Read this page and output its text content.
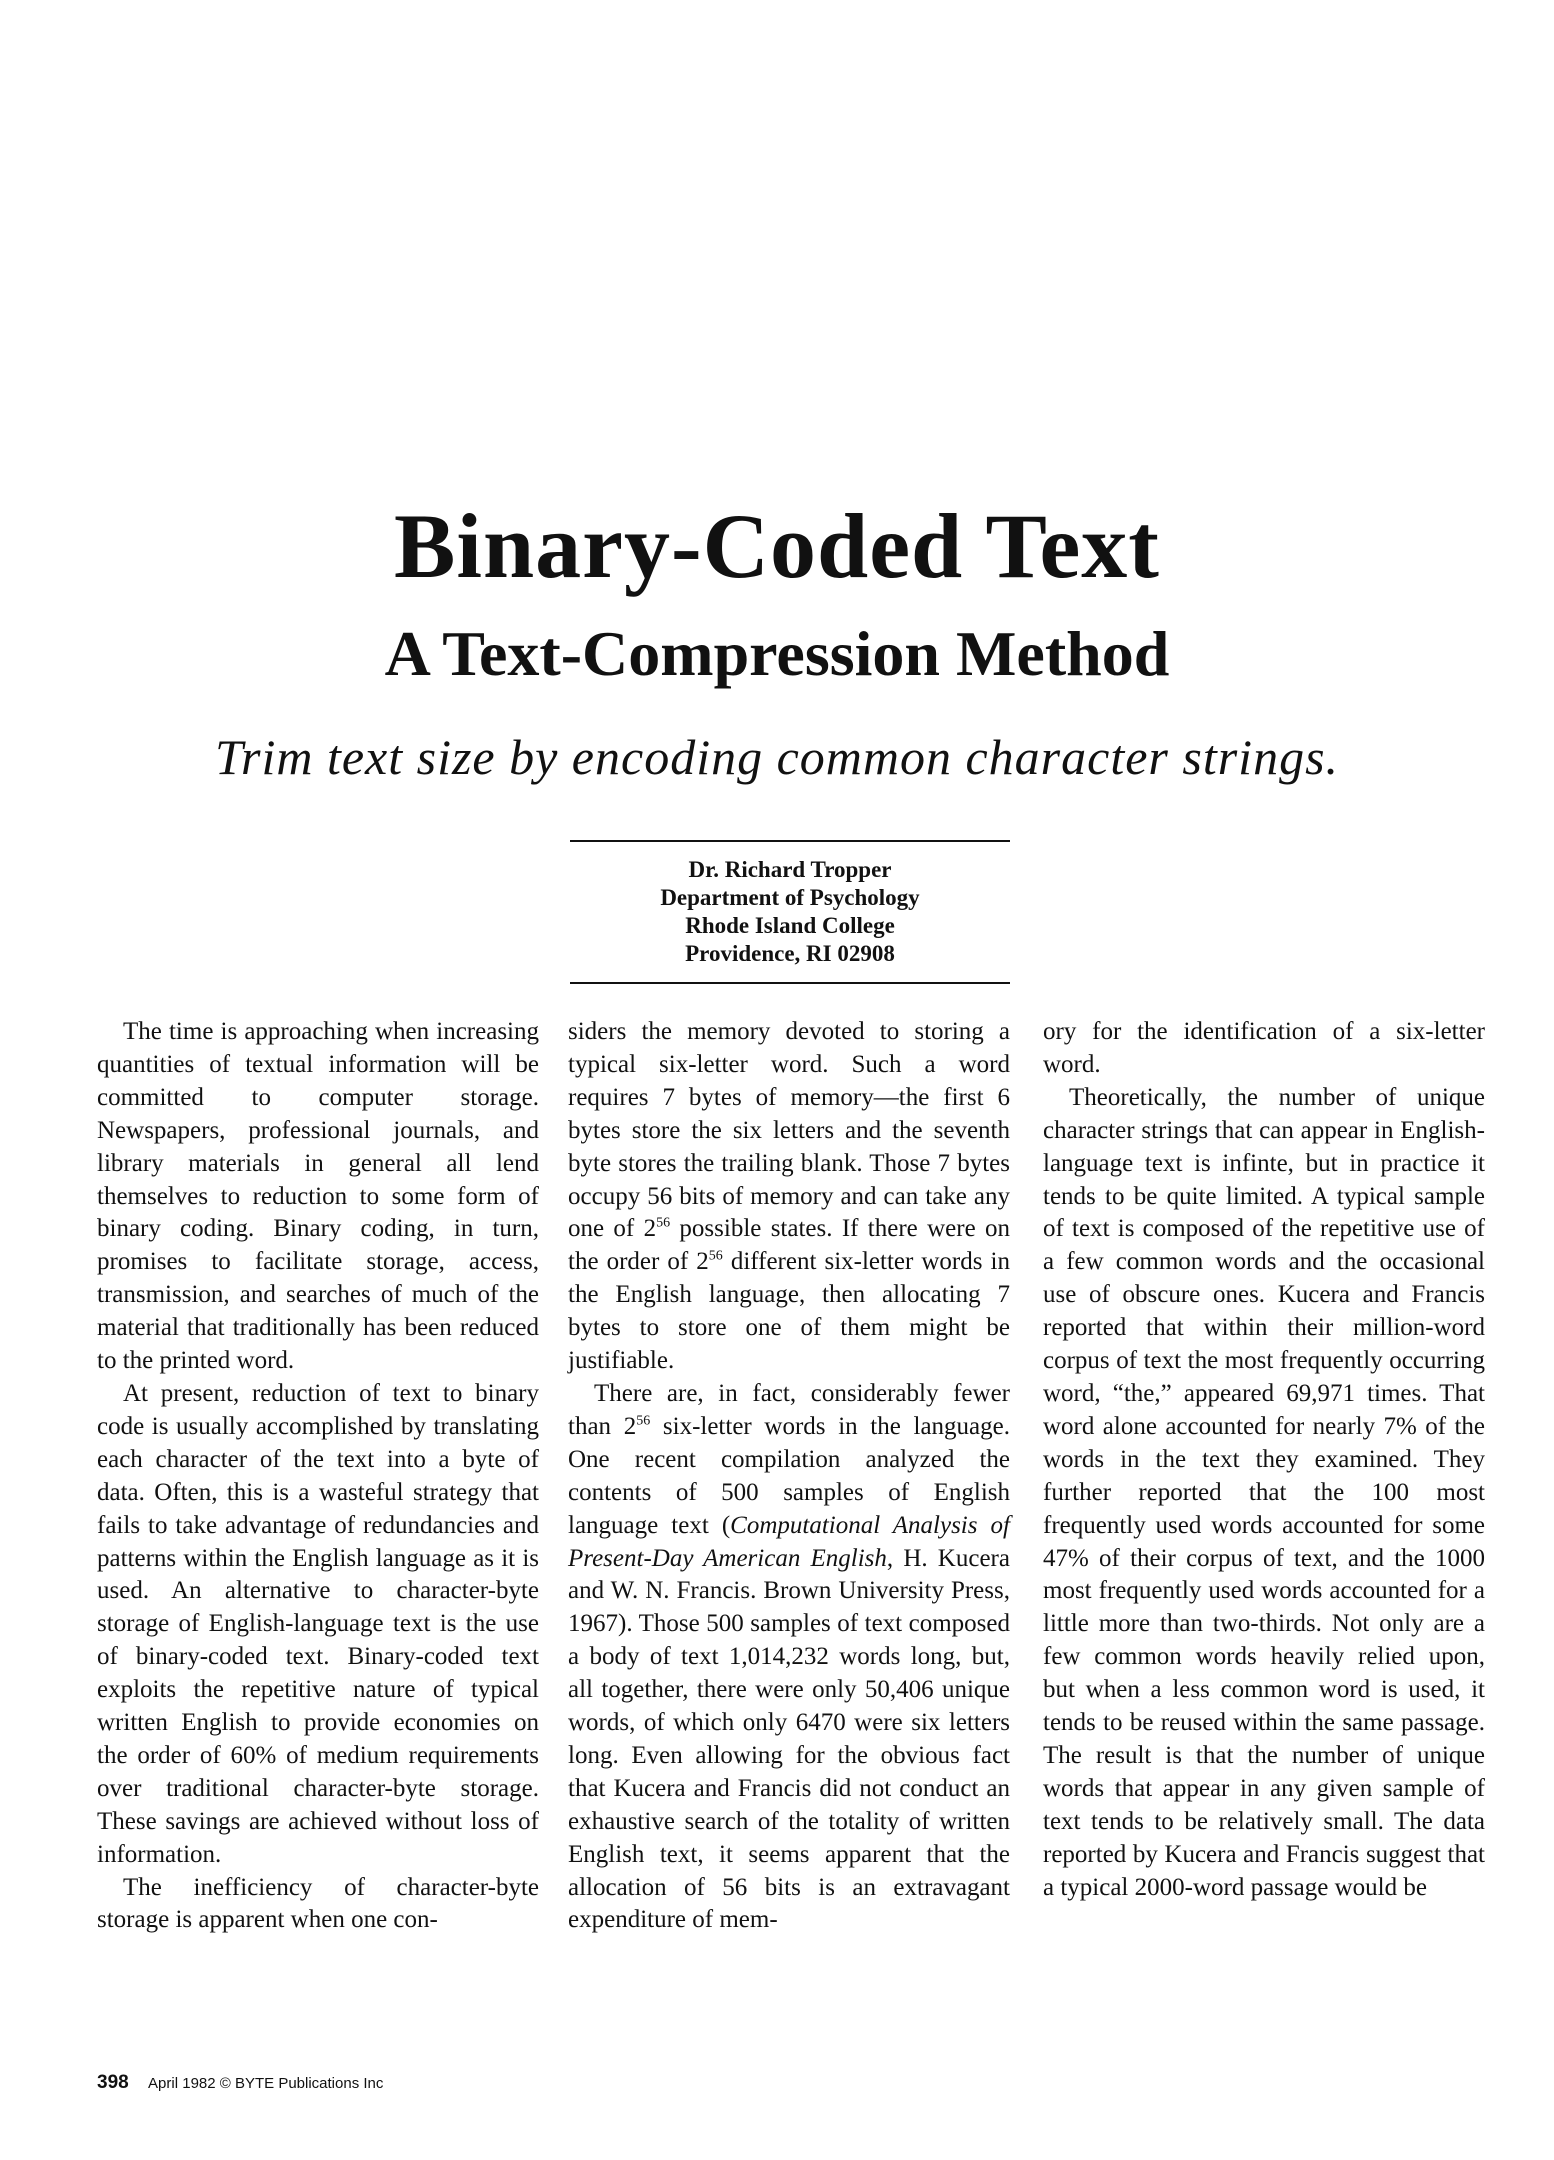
Binary-Coded Text
A Text-Compression Method

Trim text size by encoding common character strings.

Dr. Richard Tropper
Department of Psychology
Rhode Island College
Providence, RI 02908

The time is approaching when increasing quantities of textual information will be committed to computer storage. Newspapers, professional journals, and library materials in general all lend themselves to reduction to some form of binary coding. Binary coding, in turn, promises to facilitate storage, access, transmission, and searches of much of the material that traditionally has been reduced to the printed word.

At present, reduction of text to binary code is usually accomplished by translating each character of the text into a byte of data. Often, this is a wasteful strategy that fails to take advantage of redundancies and patterns within the English language as it is used. An alternative to character-byte storage of English-language text is the use of binary-coded text. Binary-coded text exploits the repetitive nature of typical written English to provide economies on the order of 60% of medium requirements over traditional character-byte storage. These savings are achieved without loss of information.

The inefficiency of character-byte storage is apparent when one con-

siders the memory devoted to storing a typical six-letter word. Such a word requires 7 bytes of memory—the first 6 bytes store the six letters and the seventh byte stores the trailing blank. Those 7 bytes occupy 56 bits of memory and can take any one of $2^{56}$ possible states. If there were on the order of $2^{56}$ different six-letter words in the English language, then allocating 7 bytes to store one of them might be justifiable.

There are, in fact, considerably fewer than $2^{56}$ six-letter words in the language. One recent compilation analyzed the contents of 500 samples of English language text (Computational Analysis of Present-Day American English, H. Kucera and W. N. Francis. Brown University Press, 1967). Those 500 samples of text composed a body of text 1,014,232 words long, but, all together, there were only 50,406 unique words, of which only 6470 were six letters long. Even allowing for the obvious fact that Kucera and Francis did not conduct an exhaustive search of the totality of written English text, it seems apparent that the allocation of 56 bits is an extravagant expenditure of mem-

ory for the identification of a six-letter word.

Theoretically, the number of unique character strings that can appear in English-language text is infinte, but in practice it tends to be quite limited. A typical sample of text is composed of the repetitive use of a few common words and the occasional use of obscure ones. Kucera and Francis reported that within their million-word corpus of text the most frequently occurring word, “the,” appeared 69,971 times. That word alone accounted for nearly 7% of the words in the text they examined. They further reported that the 100 most frequently used words accounted for some 47% of their corpus of text, and the 1000 most frequently used words accounted for a little more than two-thirds. Not only are a few common words heavily relied upon, but when a less common word is used, it tends to be reused within the same passage. The result is that the number of unique words that appear in any given sample of text tends to be relatively small. The data reported by Kucera and Francis suggest that a typical 2000-word passage would be

398 April 1982 © BYTE Publications Inc
